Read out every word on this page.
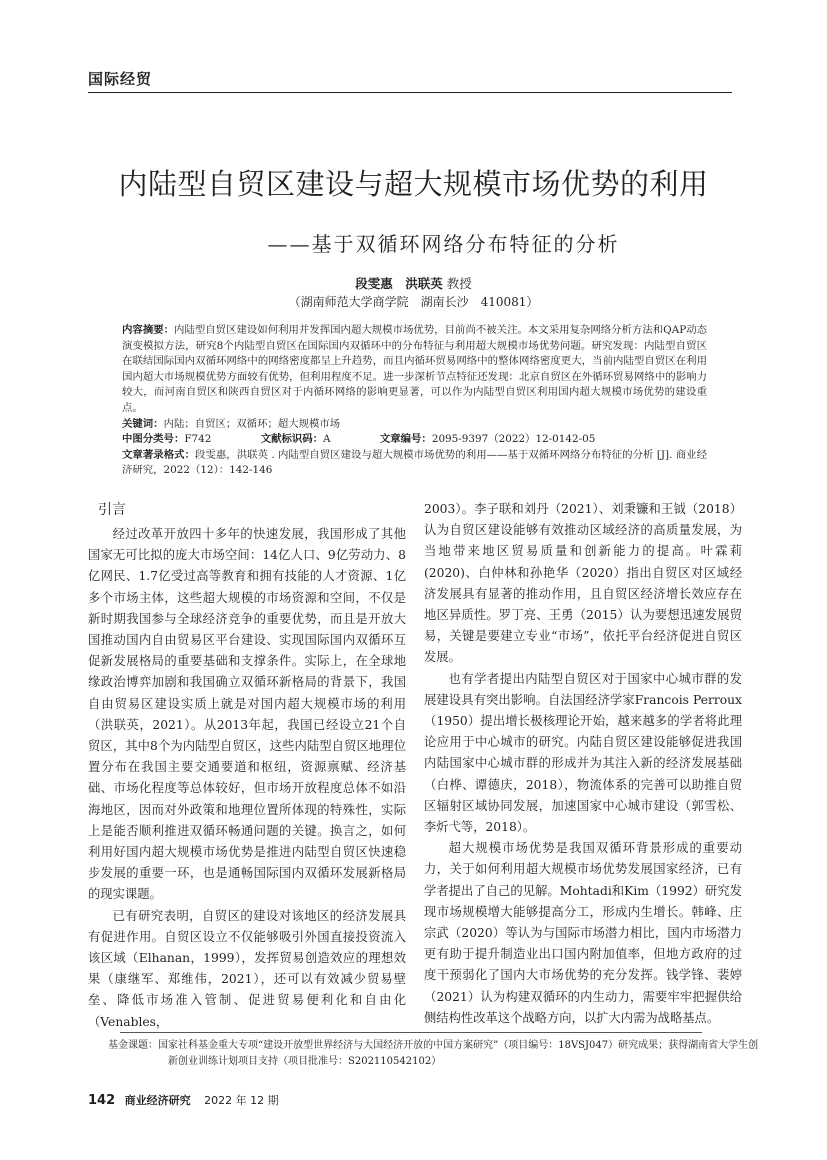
国际经贸
内陆型自贸区建设与超大规模市场优势的利用
——基于双循环网络分布特征的分析
段雯惠　洪联英 教授
（湖南师范大学商学院　湖南长沙　410081）
内容摘要：内陆型自贸区建设如何利用并发挥国内超大规模市场优势，目前尚不被关注。本文采用复杂网络分析方法和QAP动态演变模拟方法，研究8个内陆型自贸区在国际国内双循环中的分布特征与利用超大规模市场优势问题。研究发现：内陆型自贸区在联结国际国内双循环网络中的网络密度都呈上升趋势，而且内循环贸易网络中的整体网络密度更大，当前内陆型自贸区在利用国内超大市场规模优势方面较有优势，但利用程度不足。进一步深析节点特征还发现：北京自贸区在外循环贸易网络中的影响力较大，而河南自贸区和陕西自贸区对于内循环网络的影响更显著，可以作为内陆型自贸区利用国内超大规模市场优势的建设重点。
关键词：内陆；自贸区；双循环；超大规模市场
中图分类号：F742	文献标识码：A	文章编号：2095-9397（2022）12-0142-05
文章著录格式：段雯惠，洪联英 . 内陆型自贸区建设与超大规模市场优势的利用——基于双循环网络分布特征的分析 [J]. 商业经济研究，2022（12）：142-146
引言

经过改革开放四十多年的快速发展，我国形成了其他国家无可比拟的庞大市场空间：14亿人口、9亿劳动力、8亿网民、1.7亿受过高等教育和拥有技能的人才资源、1亿多个市场主体，这些超大规模的市场资源和空间，不仅是新时期我国参与全球经济竞争的重要优势，而且是开放大国推动国内自由贸易区平台建设、实现国际国内双循环互促新发展格局的重要基础和支撑条件。实际上，在全球地缘政治博弈加剧和我国确立双循环新格局的背景下，我国自由贸易区建设实质上就是对国内超大规模市场的利用（洪联英，2021）。从2013年起，我国已经设立21个自贸区，其中8个为内陆型自贸区，这些内陆型自贸区地理位置分布在我国主要交通要道和枢纽，资源禀赋、经济基础、市场化程度等总体较好，但市场开放程度总体不如沿海地区，因而对外政策和地理位置所体现的特殊性，实际上是能否顺利推进双循环畅通问题的关键。换言之，如何利用好国内超大规模市场优势是推进内陆型自贸区快速稳步发展的重要一环，也是通畅国际国内双循环发展新格局的现实课题。

已有研究表明，自贸区的建设对该地区的经济发展具有促进作用。自贸区设立不仅能够吸引外国直接投资流入该区域（Elhanan，1999），发挥贸易创造效应的理想效果（康继军、郑维伟，2021），还可以有效减少贸易壁垒、降低市场准入管制、促进贸易便利化和自由化（Venables，

2003）。李子联和刘丹（2021）、刘秉镰和王钺（2018）认为自贸区建设能够有效推动区域经济的高质量发展，为当地带来地区贸易质量和创新能力的提高。叶霖莉(2020)、白仲林和孙艳华（2020）指出自贸区对区域经济发展具有显著的推动作用，且自贸区经济增长效应存在地区异质性。罗丁亮、王勇（2015）认为要想迅速发展贸易，关键是要建立专业“市场”，依托平台经济促进自贸区发展。

也有学者提出内陆型自贸区对于国家中心城市群的发展建设具有突出影响。自法国经济学家Francois Perroux（1950）提出增长极核理论开始，越来越多的学者将此理论应用于中心城市的研究。内陆自贸区建设能够促进我国内陆国家中心城市群的形成并为其注入新的经济发展基础（白桦、谭德庆，2018），物流体系的完善可以助推自贸区辐射区域协同发展，加速国家中心城市建设（郭雪松、李炘弋等，2018）。

超大规模市场优势是我国双循环背景形成的重要动力，关于如何利用超大规模市场优势发展国家经济，已有学者提出了自己的见解。Mohtadi和Kim（1992）研究发现市场规模增大能够提高分工，形成内生增长。韩峰、庄宗武（2020）等认为与国际市场潜力相比，国内市场潜力更有助于提升制造业出口国内附加值率，但地方政府的过度干预弱化了国内大市场优势的充分发挥。钱学锋、裴婷（2021）认为构建双循环的内生动力，需要牢牢把握供给侧结构性改革这个战略方向，以扩大内需为战略基点。

基金课题：国家社科基金重大专项“建设开放型世界经济与大国经济开放的中国方案研究”（项目编号：18VSJ047）研究成果；获得湖南省大学生创新创业训练计划项目支持（项目批准号：S202110542102）
142 商业经济研究 2022 年 12 期
